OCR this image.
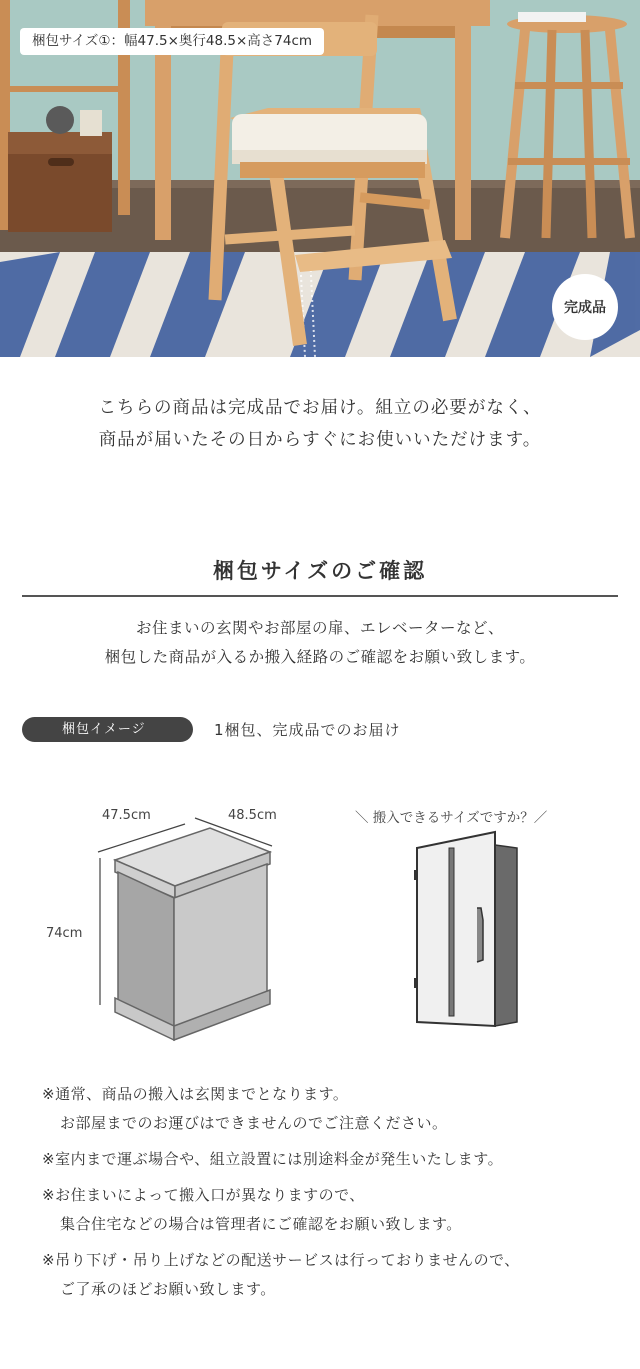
梱包サイズ①：幅47.5×奥行48.5×高さ74cm
完成品

こちらの商品は完成品でお届け。組立の必要がなく、

商品が届いたその日からすぐにお使いいただけます。

梱包サイズのご確認

お住まいの玄関やお部屋の扉、エレベーターなど、

梱包した商品が入るか搬入経路のご確認をお願い致します。

梱包イメージ	1梱包、完成品でのお届け
47.5cm	48.5cm
74cm
＼ 搬入できるサイズですか？／
※通常、商品の搬入は玄関までとなります。
お部屋までのお運びはできませんのでご注意ください。
※室内まで運ぶ場合や、組立設置には別途料金が発生いたします。
※お住まいによって搬入口が異なりますので、
集合住宅などの場合は管理者にご確認をお願い致します。
※吊り下げ・吊り上げなどの配送サービスは行っておりませんので、
ご了承のほどお願い致します。
